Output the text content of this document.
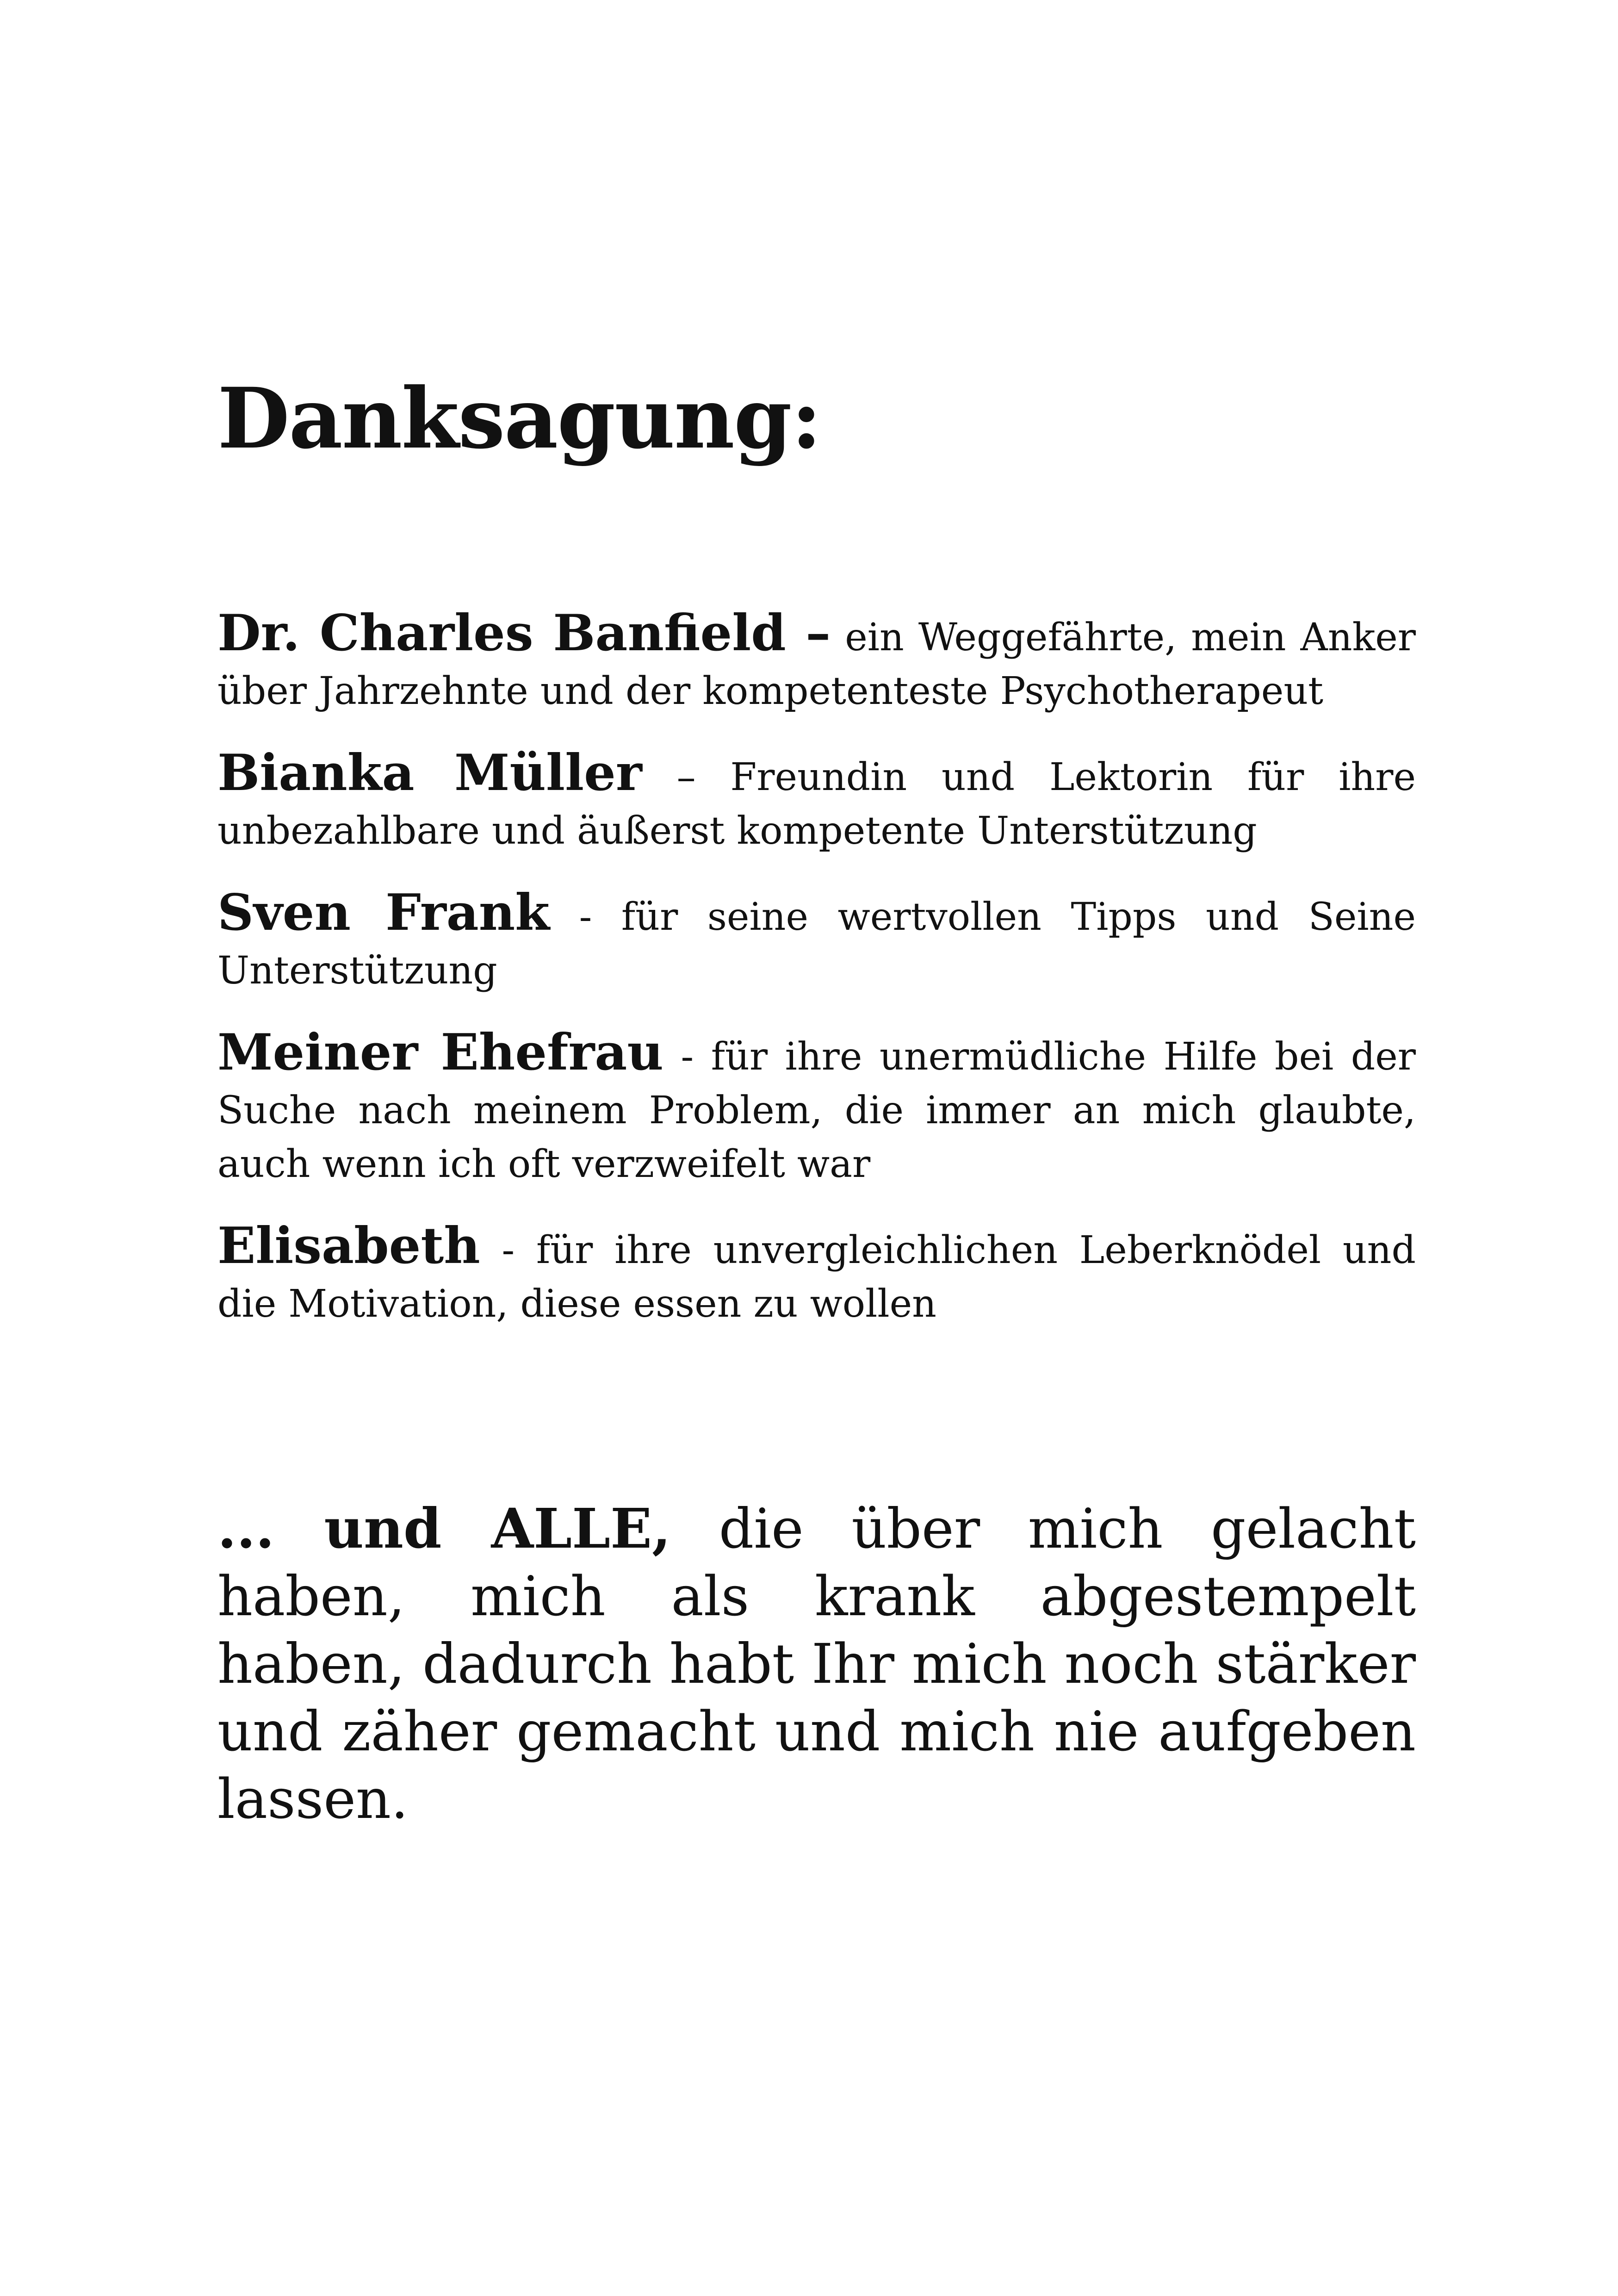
Danksagung:

Dr. Charles Banfield – ein Weggefährte, mein Anker über Jahrzehnte und der kompetenteste Psychotherapeut

Bianka Müller – Freundin und Lektorin für ihre unbezahlbare und äußerst kompetente Unterstützung

Sven Frank - für seine wertvollen Tipps und Seine Unterstützung

Meiner Ehefrau - für ihre unermüdliche Hilfe bei der Suche nach meinem Problem, die immer an mich glaubte, auch wenn ich oft verzweifelt war

Elisabeth - für ihre unvergleichlichen Leberknödel und die Motivation, diese essen zu wollen

... und ALLE, die über mich gelacht haben, mich als krank abgestempelt haben, dadurch habt Ihr mich noch stärker und zäher gemacht und mich nie aufgeben lassen.
